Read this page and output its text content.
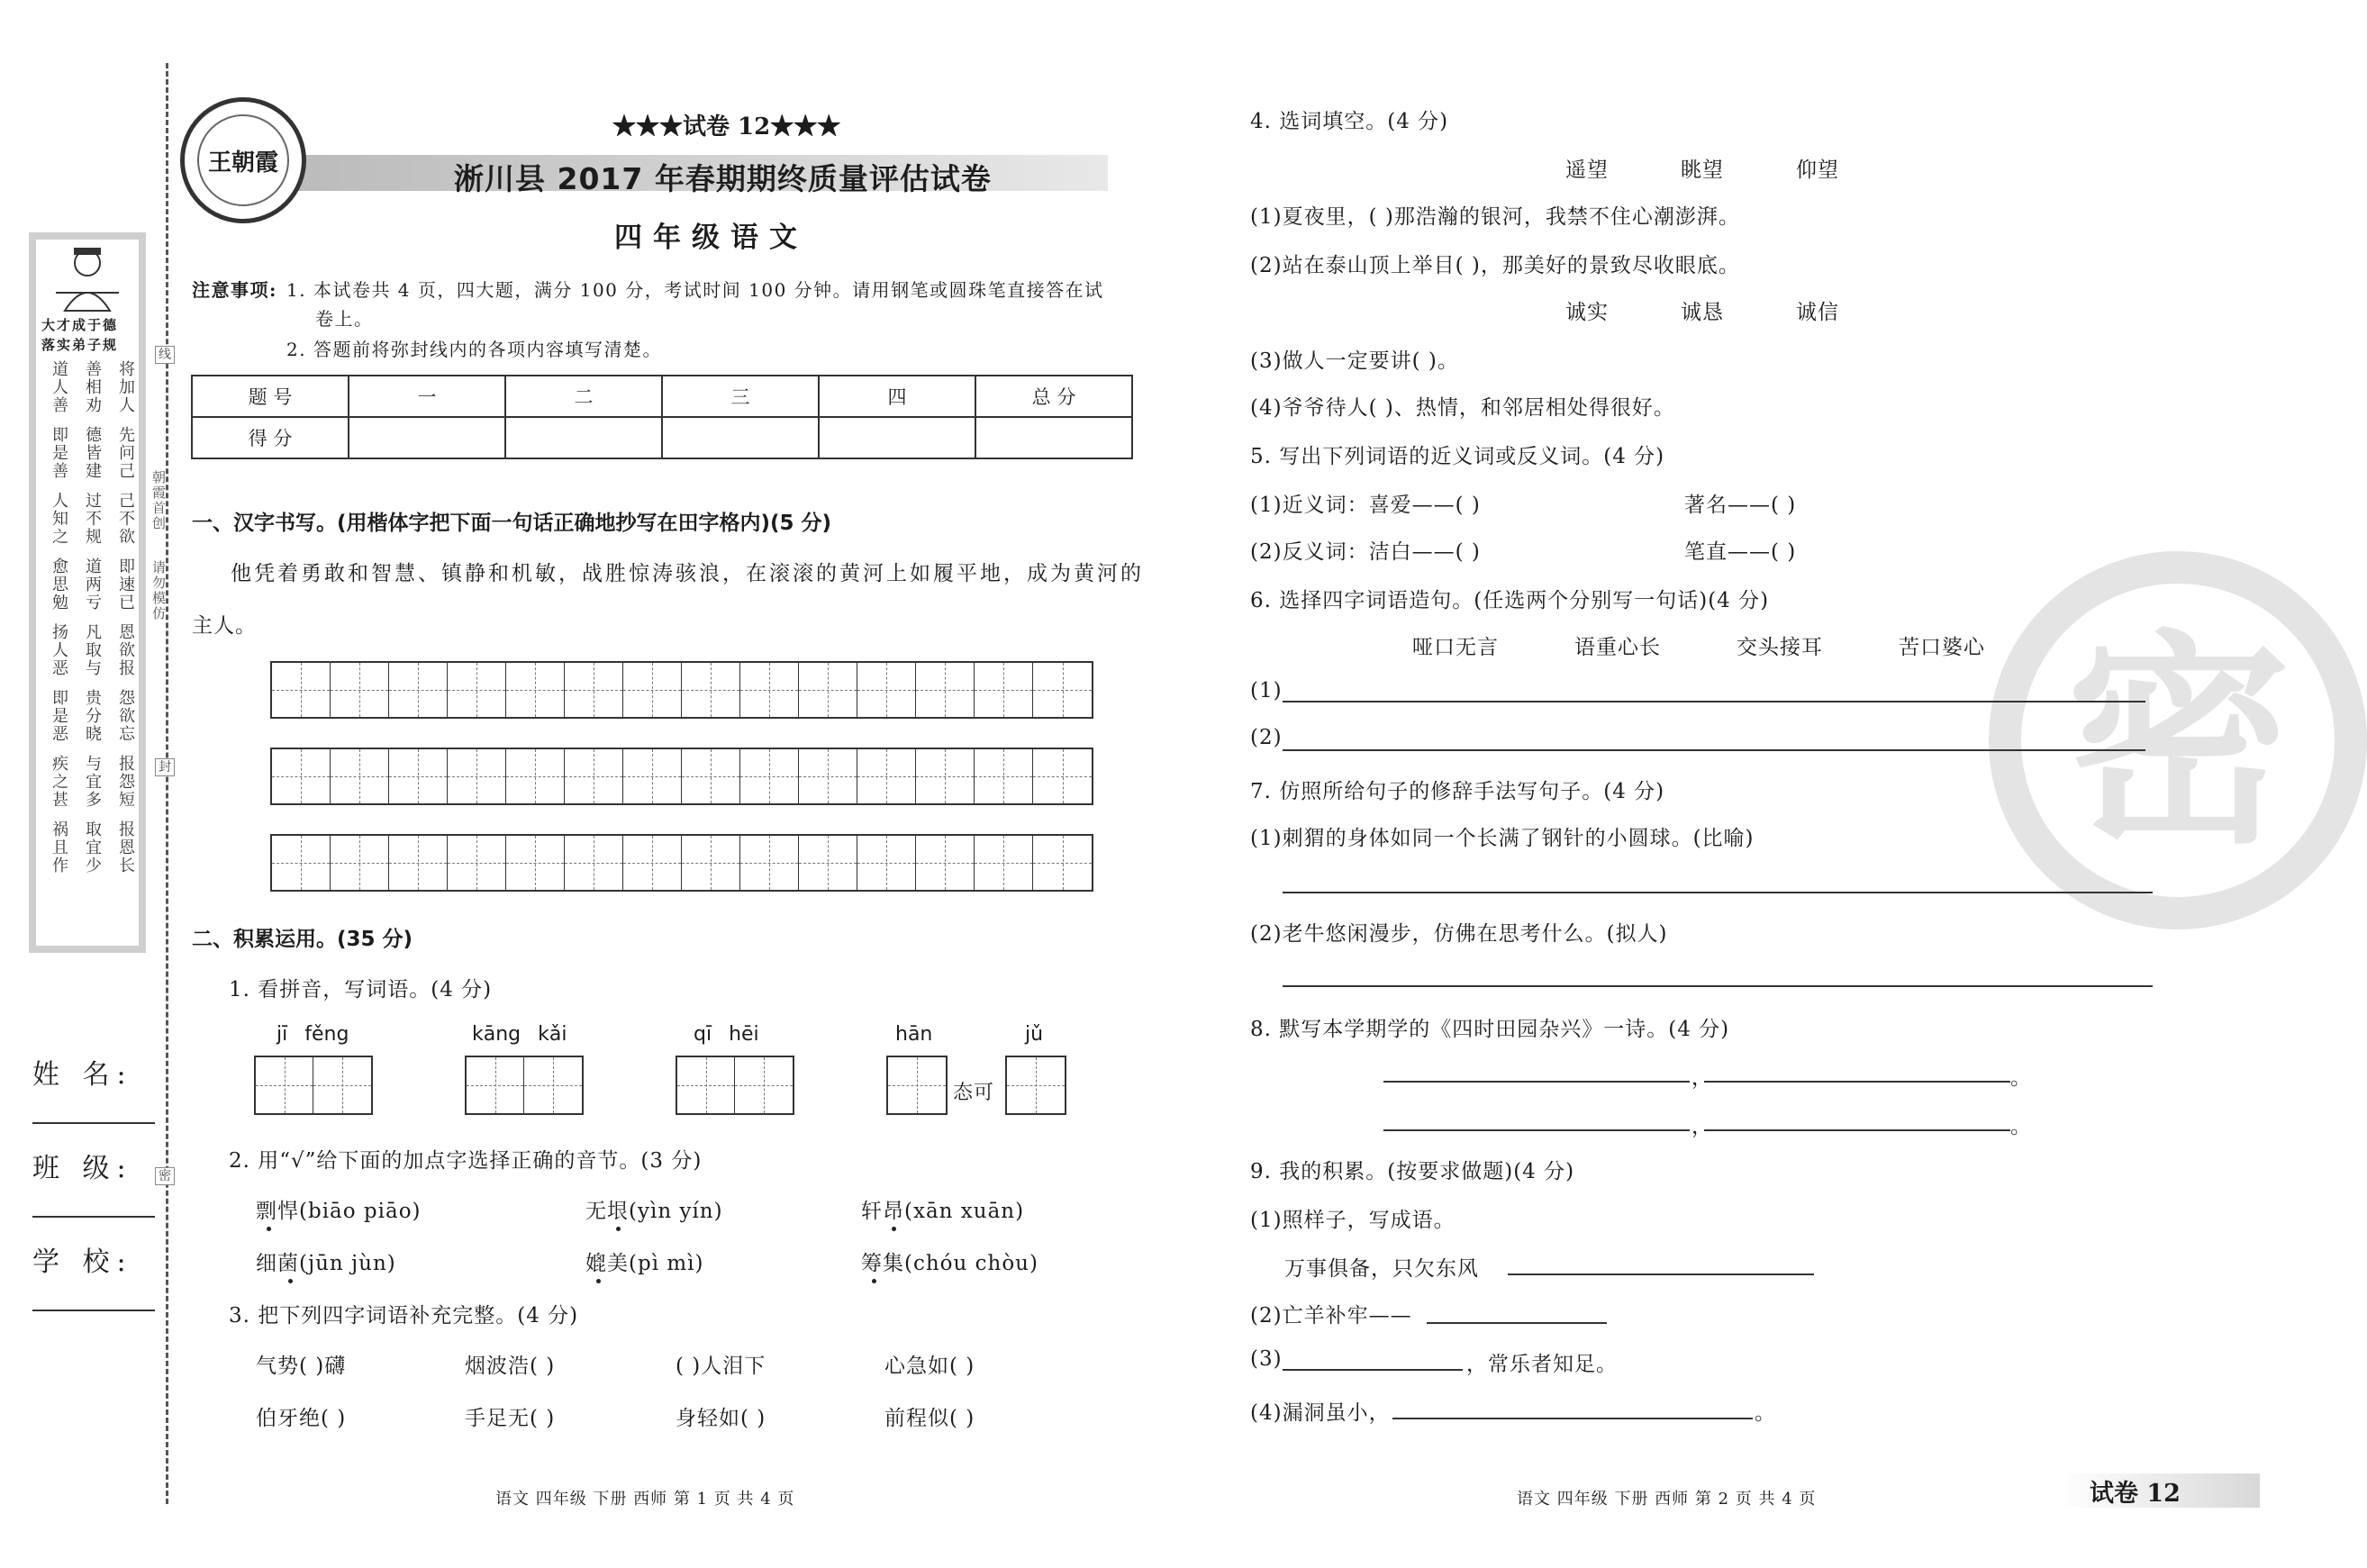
大才成于德
落实弟子规
将加人
善相劝
道人善
先问己
德皆建
即是善
己不欲
过不规
人知之
即速已
道两亏
愈思勉
恩欲报
凡取与
扬人恶
怨欲忘
贵分晓
即是恶
报怨短
与宜多
疾之甚
报恩长
取宜少
祸且作
线
封
密
朝霞首创
请勿模仿
姓 名:
班 级:
学 校:
王朝霞
★★★试卷 12★★★
淅川县 2017 年春期期终质量评估试卷
四年级语文
注意事项: 1. 本试卷共 4 页，四大题，满分 100 分，考试时间 100 分钟。请用钢笔或圆珠笔直接答在试
卷上。
2. 答题前将弥封线内的各项内容填写清楚。
题 号	一	二	三	四	总 分
得 分					
一、汉字书写。(用楷体字把下面一句话正确地抄写在田字格内)(5 分)
他凭着勇敢和智慧、镇静和机敏，战胜惊涛骇浪，在滚滚的黄河上如履平地，成为黄河的
主人。
二、积累运用。(35 分)
1. 看拼音，写词语。(4 分)
jī fěng	kāng kǎi	qī hēi	hān	jǔ
态可
2. 用“√”给下面的加点字选择正确的音节。(3 分)
剽悍(biāo piāo)	无垠(yìn yín)	轩昂(xān xuān)
细菌(jūn jùn)	媲美(pì mì)	筹集(chóu chòu)
3. 把下列四字词语补充完整。(4 分)
气势( )礴	烟波浩( )	( )人泪下	心急如( )
伯牙绝( )	手足无( )	身轻如( )	前程似( )
语文 四年级 下册 西师 第 1 页 共 4 页
密
4. 选词填空。(4 分)
遥望	眺望	仰望
(1)夏夜里，( )那浩瀚的银河，我禁不住心潮澎湃。
(2)站在泰山顶上举目( )，那美好的景致尽收眼底。
诚实	诚恳	诚信
(3)做人一定要讲( )。
(4)爷爷待人( )、热情，和邻居相处得很好。
5. 写出下列词语的近义词或反义词。(4 分)
(1)近义词：喜爱——( )	著名——( )
(2)反义词：洁白——( )	笔直——( )
6. 选择四字词语造句。(任选两个分别写一句话)(4 分)
哑口无言	语重心长	交头接耳	苦口婆心
(1)
(2)
7. 仿照所给句子的修辞手法写句子。(4 分)
(1)刺猬的身体如同一个长满了钢针的小圆球。(比喻)
(2)老牛悠闲漫步，仿佛在思考什么。(拟人)
8. 默写本学期学的《四时田园杂兴》一诗。(4 分)
，	。
，	。
9. 我的积累。(按要求做题)(4 分)
(1)照样子，写成语。
万事俱备，只欠东风
(2)亡羊补牢——
(3)	，常乐者知足。
(4)漏洞虽小，	。
语文 四年级 下册 西师 第 2 页 共 4 页	试卷 12
